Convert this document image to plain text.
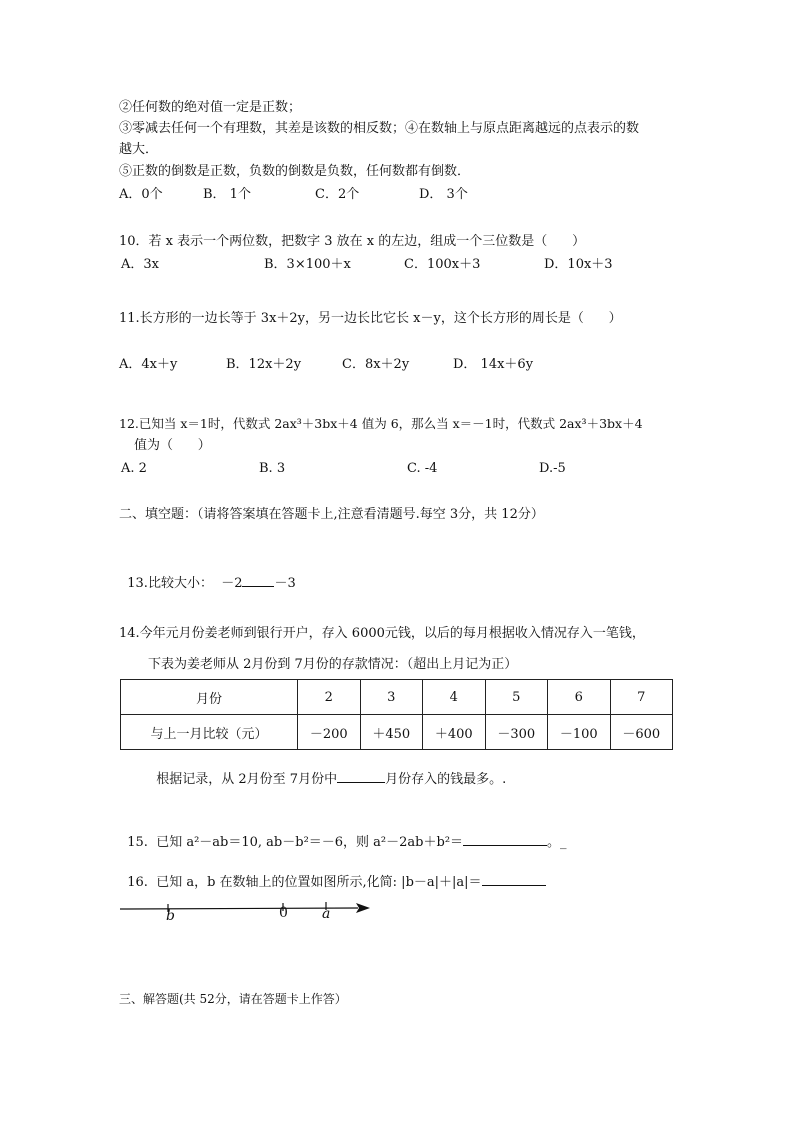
②任何数的绝对值一定是正数；
③零减去任何一个有理数，其差是该数的相反数；④在数轴上与原点距离越远的点表示的数
越大．
⑤正数的倒数是正数，负数的倒数是负数，任何数都有倒数．
A．0个	B． 1个	C．2个	D． 3个
10．若 x 表示一个两位数，把数字 3 放在 x 的左边，组成一个三位数是（      ）
A．3x	B．3×100＋x	C．100x＋3	D．10x＋3
11.长方形的一边长等于 3x＋2y，另一边长比它长 x－y，这个长方形的周长是（      ）
A．4x＋y	B．12x＋2y	C．8x＋2y	D． 14x＋6y
12.已知当 x＝1时，代数式 2ax³＋3bx＋4 值为 6，那么当 x＝－1时，代数式 2ax³＋3bx＋4
值为（      ）
A. 2	B. 3	C. -4	D.-5
二、填空题：（请将答案填在答题卡上,注意看清题号.每空 3分，共 12分）

13.比较大小：  －2 －3

14.今年元月份姜老师到银行开户，存入 6000元钱，以后的每月根据收入情况存入一笔钱，
下表为姜老师从 2月份到 7月份的存款情况：（超出上月记为正）
月份	2	3	4	5	6	7
与上一月比较（元）	－200	＋450	＋400	－300	－100	－600

根据记录，从 2月份至 7月份中	月份存入的钱最多。.

15.  已知 a²－ab＝10, ab－b²＝－6，则 a²－2ab＋b²＝	。_

16.  已知 a，b 在数轴上的位置如图所示,化简: |b－a|＋|a|＝

b	0 a
三、解答题(共 52分，请在答题卡上作答）
